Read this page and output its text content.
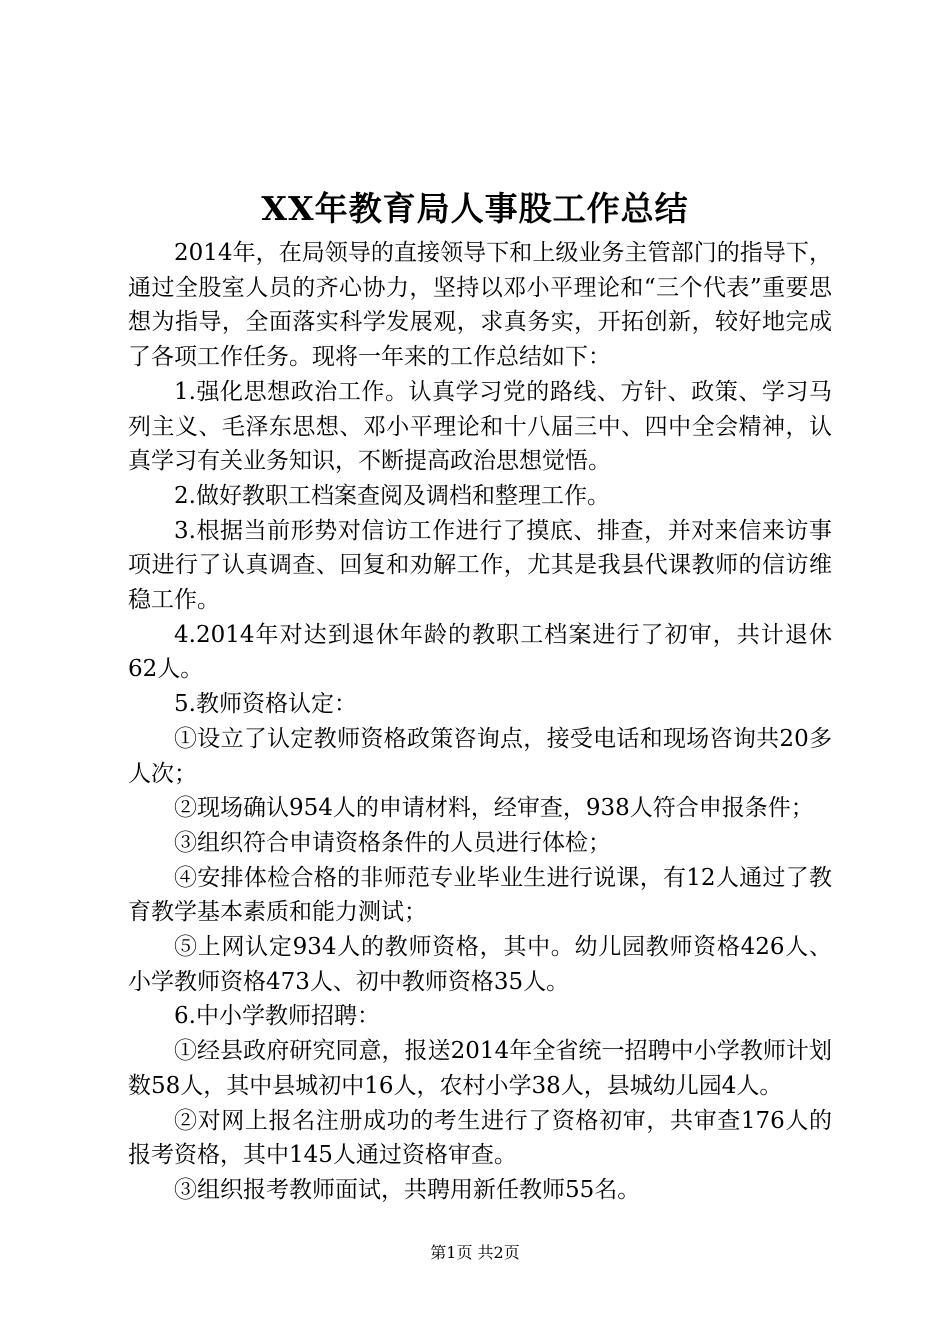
XX年教育局人事股工作总结

2014年，在局领导的直接领导下和上级业务主管部门的指导下，通过全股室人员的齐心协力，坚持以邓小平理论和“三个代表”重要思想为指导，全面落实科学发展观，求真务实，开拓创新，较好地完成了各项工作任务。现将一年来的工作总结如下：

1.强化思想政治工作。认真学习党的路线、方针、政策、学习马列主义、毛泽东思想、邓小平理论和十八届三中、四中全会精神，认真学习有关业务知识，不断提高政治思想觉悟。

2.做好教职工档案查阅及调档和整理工作。

3.根据当前形势对信访工作进行了摸底、排查，并对来信来访事项进行了认真调查、回复和劝解工作，尤其是我县代课教师的信访维稳工作。

4.2014年对达到退休年龄的教职工档案进行了初审，共计退休62人。

5.教师资格认定：

①设立了认定教师资格政策咨询点，接受电话和现场咨询共20多人次；

②现场确认954人的申请材料，经审查，938人符合申报条件；

③组织符合申请资格条件的人员进行体检；

④安排体检合格的非师范专业毕业生进行说课，有12人通过了教育教学基本素质和能力测试；

⑤上网认定934人的教师资格，其中。幼儿园教师资格426人、小学教师资格473人、初中教师资格35人。

6.中小学教师招聘：

①经县政府研究同意，报送2014年全省统一招聘中小学教师计划数58人，其中县城初中16人，农村小学38人，县城幼儿园4人。

②对网上报名注册成功的考生进行了资格初审，共审查176人的报考资格，其中145人通过资格审查。

③组织报考教师面试，共聘用新任教师55名。

第1页 共2页
